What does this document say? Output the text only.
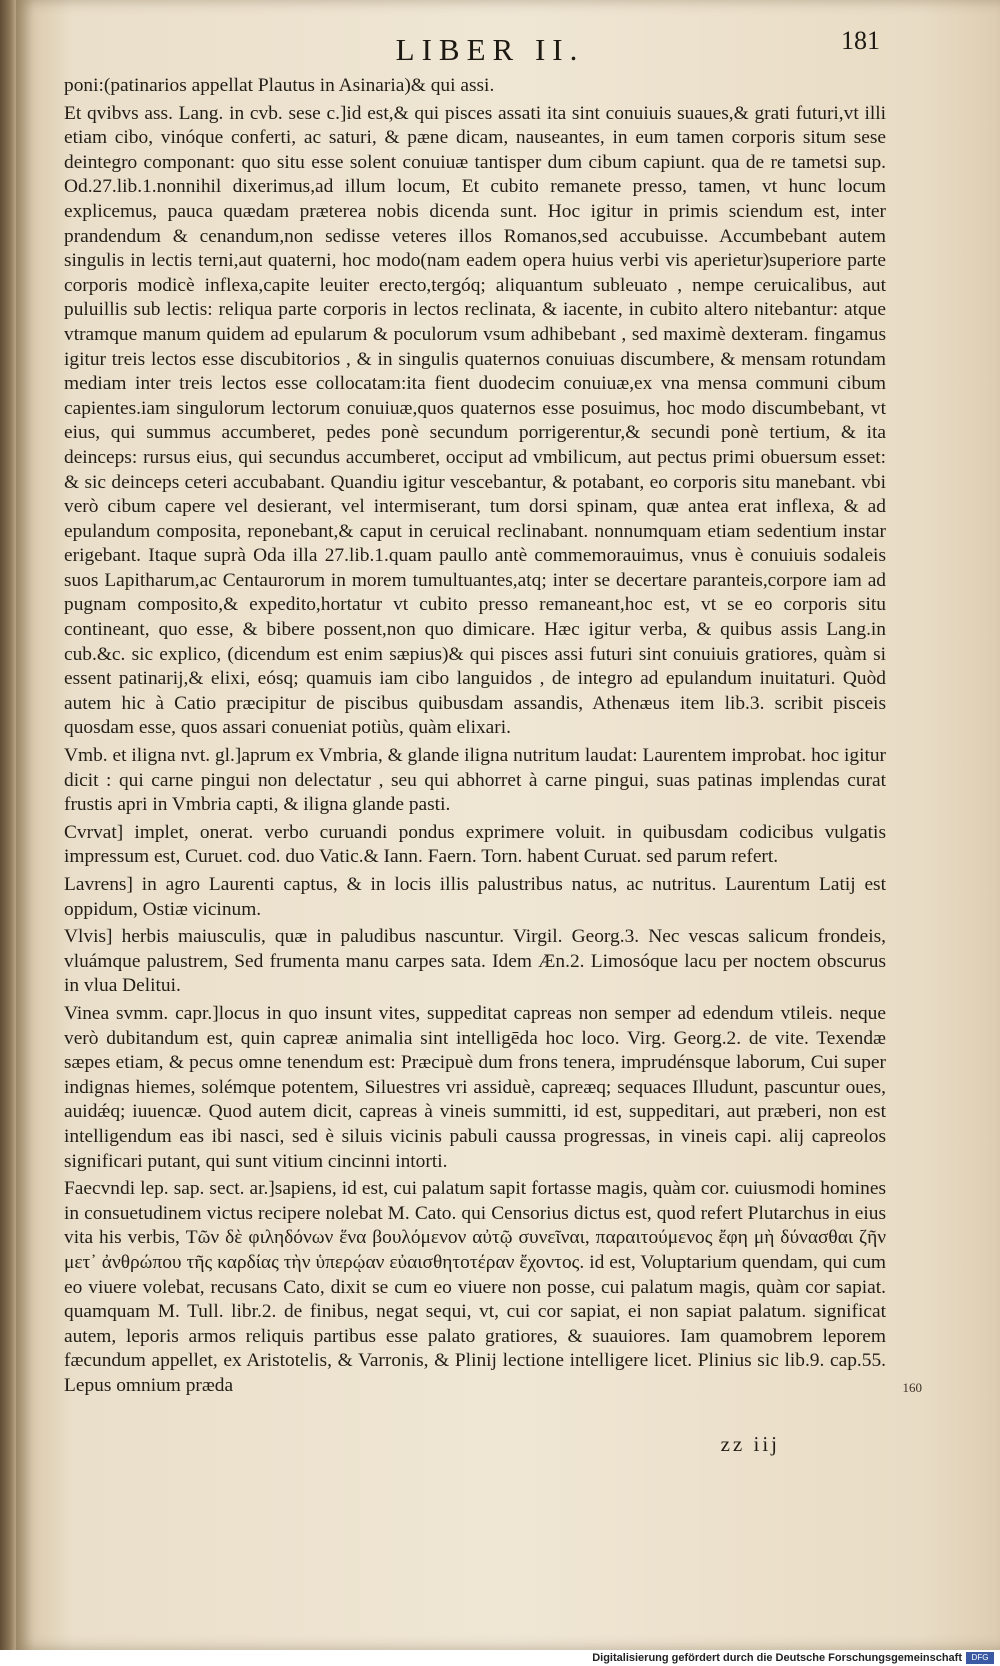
LIBER II.	181

poni:(patinarios appellat Plautus in Asinaria)& qui assi.

Et qvibvs ass. Lang. in cvb. sese c.]id est,& qui pisces assati ita sint conuiuis suaues,& grati futuri,vt illi etiam cibo, vinóque conferti, ac saturi, & pæne dicam, nauseantes, in eum tamen corporis situm sese deintegro componant: quo situ esse solent conuiuæ tantisper dum cibum capiunt. qua de re tametsi sup. Od.27.lib.1.nonnihil dixerimus,ad illum locum, Et cubito remanete presso, tamen, vt hunc locum explicemus, pauca quædam præterea nobis dicenda sunt. Hoc igitur in primis sciendum est, inter prandendum & cenandum,non sedisse veteres illos Romanos,sed accubuisse. Accumbebant autem singulis in lectis terni,aut quaterni, hoc modo(nam eadem opera huius verbi vis aperietur)superiore parte corporis modicè inflexa,capite leuiter erecto,tergóq; aliquantum subleuato , nempe ceruicalibus, aut puluillis sub lectis: reliqua parte corporis in lectos reclinata, & iacente, in cubito altero nitebantur: atque vtramque manum quidem ad epularum & poculorum vsum adhibebant , sed maximè dexteram. fingamus igitur treis lectos esse discubitorios , & in singulis quaternos conuiuas discumbere, & mensam rotundam mediam inter treis lectos esse collocatam:ita fient duodecim conuiuæ,ex vna mensa communi cibum capientes.iam singulorum lectorum conuiuæ,quos quaternos esse posuimus, hoc modo discumbebant, vt eius, qui summus accumberet, pedes ponè secundum porrigerentur,& secundi ponè tertium, & ita deinceps: rursus eius, qui secundus accumberet, occiput ad vmbilicum, aut pectus primi obuersum esset: & sic deinceps ceteri accubabant. Quandiu igitur vescebantur, & potabant, eo corporis situ manebant. vbi verò cibum capere vel desierant, vel intermiserant, tum dorsi spinam, quæ antea erat inflexa, & ad epulandum composita, reponebant,& caput in ceruical reclinabant. nonnumquam etiam sedentium instar erigebant. Itaque suprà Oda illa 27.lib.1.quam paullo antè commemorauimus, vnus è conuiuis sodaleis suos Lapitharum,ac Centaurorum in morem tumultuantes,atq; inter se decertare paranteis,corpore iam ad pugnam composito,& expedito,hortatur vt cubito presso remaneant,hoc est, vt se eo corporis situ contineant, quo esse, & bibere possent,non quo dimicare. Hæc igitur verba, & quibus assis Lang.in cub.&c. sic explico, (dicendum est enim sæpius)& qui pisces assi futuri sint conuiuis gratiores, quàm si essent patinarij,& elixi, eósq; quamuis iam cibo languidos , de integro ad epulandum inuitaturi. Quòd autem hic à Catio præcipitur de piscibus quibusdam assandis, Athenæus item lib.3. scribit pisceis quosdam esse, quos assari conueniat potiùs, quàm elixari.

Vmb. et ilignа nvt. gl.]aprum ex Vmbria, & glande iligna nutritum laudat: Laurentem improbat. hoc igitur dicit : qui carne pingui non delectatur , seu qui abhorret à carne pingui, suas patinas implendas curat frustis apri in Vmbria capti, & iligna glande pasti.

Cvrvat] implet, onerat. verbo curuandi pondus exprimere voluit. in quibusdam codicibus vulgatis impressum est, Curuet. cod. duo Vatic.& Iann. Faern. Torn. habent Curuat. sed parum refert.

Lavrens] in agro Laurenti captus, & in locis illis palustribus natus, ac nutritus. Laurentum Latij est oppidum, Ostiæ vicinum.

Vlvis] herbis maiusculis, quæ in paludibus nascuntur. Virgil. Georg.3. Nec vescas salicum frondeis, vluámque palustrem, Sed frumenta manu carpes sata. Idem Æn.2. Limosóque lacu per noctem obscurus in vlua Delitui.

Vinea svmm. capr.]locus in quo insunt vites, suppeditat capreas non semper ad edendum vtileis. neque verò dubitandum est, quin capreæ animalia sint intelligēda hoc loco. Virg. Georg.2. de vite. Texendæ sæpes etiam, & pecus omne tenendum est: Præcipuè dum frons tenera, imprudénsque laborum, Cui super indignas hiemes, solémque potentem, Siluestres vri assiduè, capreæq; sequaces Illudunt, pascuntur oues, auidǽq; iuuencæ. Quod autem dicit, capreas à vineis summitti, id est, suppeditari, aut præberi, non est intelligendum eas ibi nasci, sed è siluis vicinis pabuli caussa progressas, in vineis capi. alij capreolos significari putant, qui sunt vitium cincinni intorti.

Faecvndi lep. sap. sect. ar.]sapiens, id est, cui palatum sapit fortasse magis, quàm cor. cuiusmodi homines in consuetudinem victus recipere nolebat M. Cato. qui Censorius dictus est, quod refert Plutarchus in eius vita his verbis, Τῶν δὲ φιληδόνων ἕνα βουλόμενον αὐτῷ συνεῖναι, παραιτούμενος ἔφη μὴ δύνασθαι ζῆν μετ᾽ ἀνθρώπου τῆς καρδίας τὴν ὑπερῴαν εὐαισθητοτέραν ἔχοντος. id est, Voluptarium quendam, qui cum eo viuere volebat, recusans Cato, dixit se cum eo viuere non posse, cui palatum magis, quàm cor sapiat. quamquam M. Tull. libr.2. de finibus, negat sequi, vt, cui cor sapiat, ei non sapiat palatum. significat autem, leporis armos reliquis partibus esse palato gratiores, & suauiores. Iam quamobrem leporem fæcundum appellet, ex Aristotelis, & Varronis, & Plinij lectione intelligere licet. Plinius sic lib.9. cap.55. Lepus omnium præda	160
zz iij
Digitalisierung gefördert durch die Deutsche Forschungsgemeinschaft	DFG
